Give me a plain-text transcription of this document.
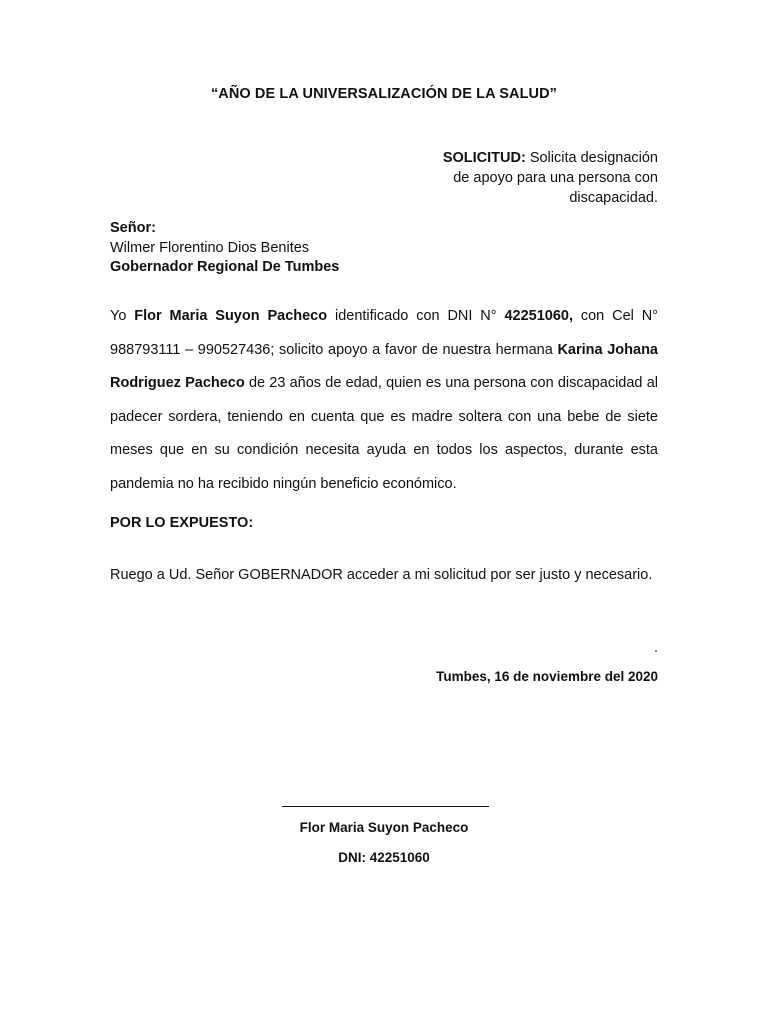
“AÑO DE LA UNIVERSALIZACIÓN DE LA SALUD”
SOLICITUD: Solicita designación
de apoyo para una persona con
discapacidad.
Señor:
Wilmer Florentino Dios Benites
Gobernador Regional De Tumbes
Yo Flor Maria Suyon Pacheco identificado con DNI N° 42251060, con Cel N° 988793111 – 990527436; solicito apoyo a favor de nuestra hermana Karina Johana Rodriguez Pacheco de 23 años de edad, quien es una persona con discapacidad al padecer sordera, teniendo en cuenta que es madre soltera con una bebe de siete meses que en su condición necesita ayuda en todos los aspectos, durante esta pandemia no ha recibido ningún beneficio económico.
POR LO EXPUESTO:
Ruego a Ud. Señor GOBERNADOR acceder a mi solicitud por ser justo y necesario.
.
Tumbes, 16 de noviembre del 2020
Flor Maria Suyon Pacheco
DNI: 42251060
